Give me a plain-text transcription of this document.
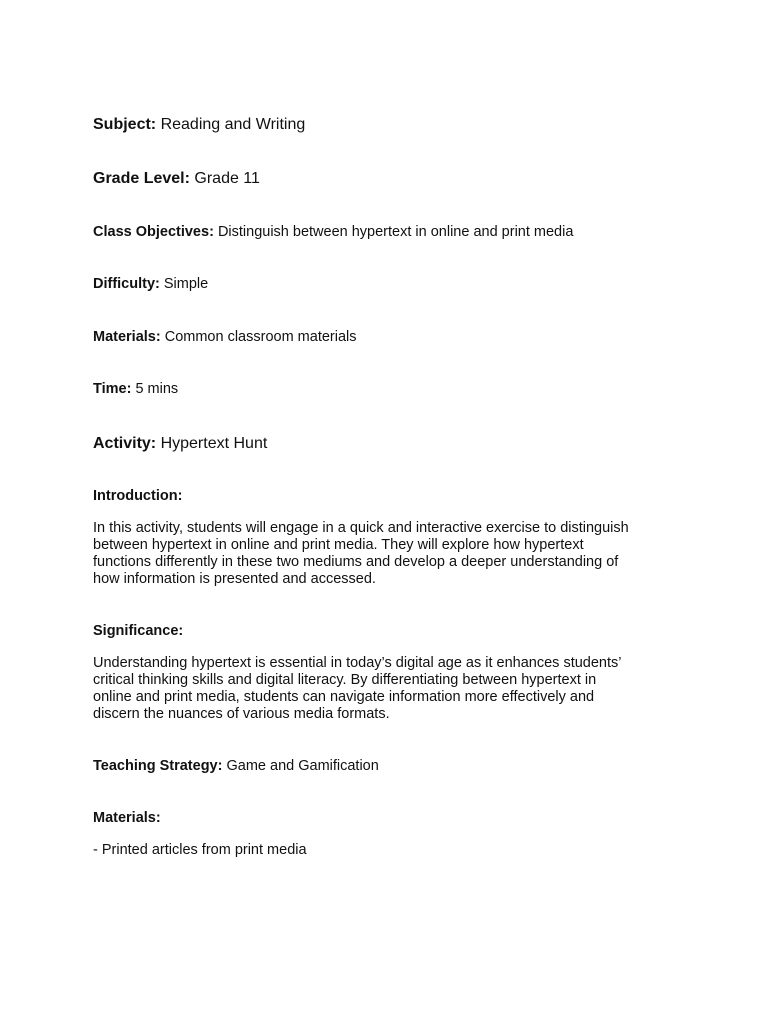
Subject: Reading and Writing
Grade Level: Grade 11
Class Objectives: Distinguish between hypertext in online and print media
Difficulty: Simple
Materials: Common classroom materials
Time: 5 mins
Activity: Hypertext Hunt
Introduction:
In this activity, students will engage in a quick and interactive exercise to distinguish
between hypertext in online and print media. They will explore how hypertext
functions differently in these two mediums and develop a deeper understanding of
how information is presented and accessed.
Significance:
Understanding hypertext is essential in today’s digital age as it enhances students’
critical thinking skills and digital literacy. By differentiating between hypertext in
online and print media, students can navigate information more effectively and
discern the nuances of various media formats.
Teaching Strategy: Game and Gamification
Materials:
- Printed articles from print media
